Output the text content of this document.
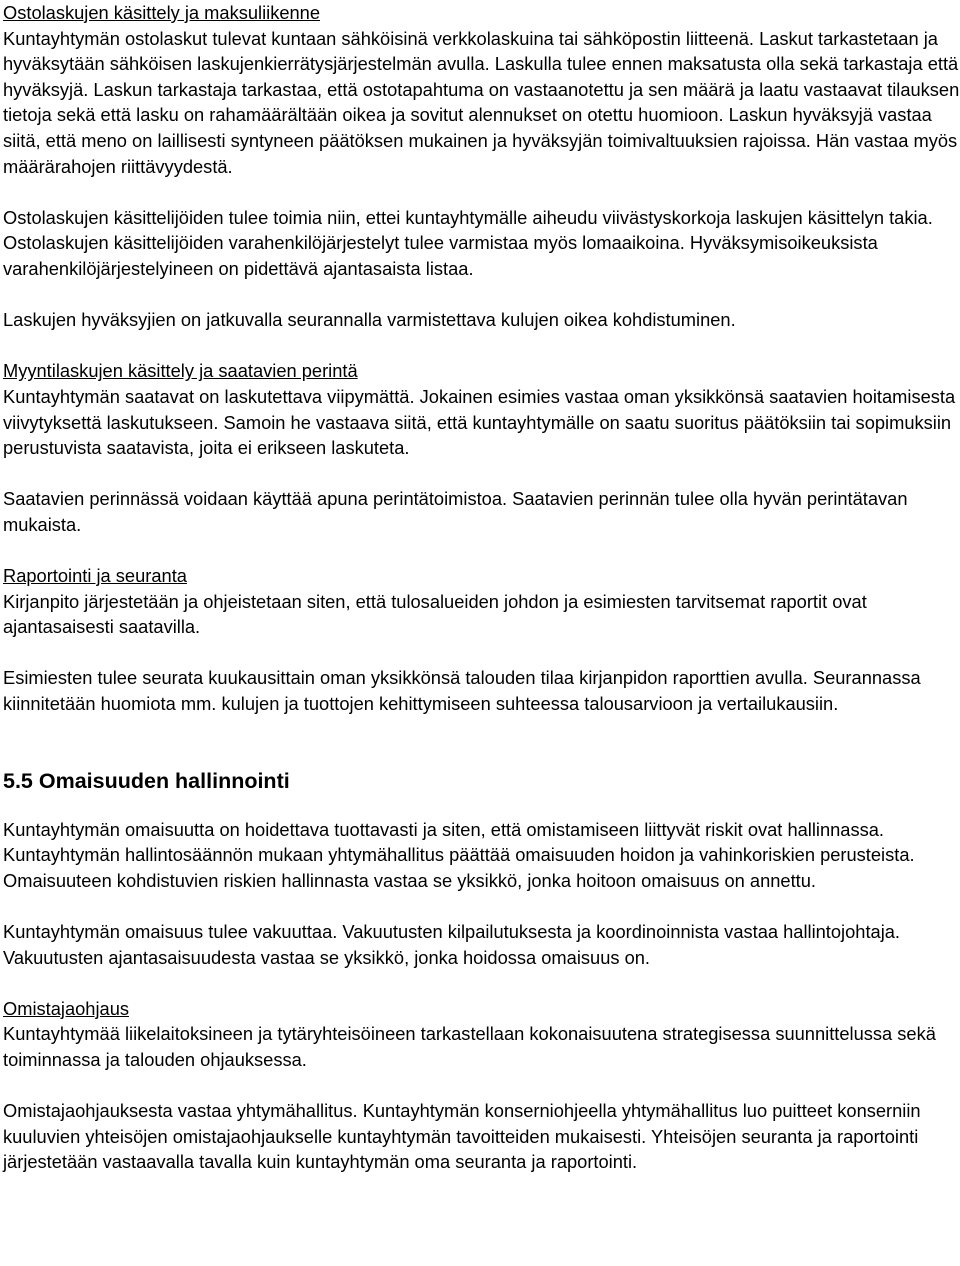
Ostolaskujen käsittely ja maksuliikenne

Kuntayhtymän ostolaskut tulevat kuntaan sähköisinä verkkolaskuina tai sähköpostin liitteenä. Laskut tarkastetaan ja hyväksytään sähköisen laskujenkierrätysjärjestelmän avulla. Laskulla tulee ennen maksatusta olla sekä tarkastaja että hyväksyjä. Laskun tarkastaja tarkastaa, että ostotapahtuma on vastaanotettu ja sen määrä ja laatu vastaavat tilauksen tietoja sekä että lasku on rahamäärältään oikea ja sovitut alennukset on otettu huomioon. Laskun hyväksyjä vastaa siitä, että meno on laillisesti syntyneen päätöksen mukainen ja hyväksyjän toimivaltuuksien rajoissa. Hän vastaa myös määrärahojen riittävyydestä.

Ostolaskujen käsittelijöiden tulee toimia niin, ettei kuntayhtymälle aiheudu viivästyskorkoja laskujen käsittelyn takia. Ostolaskujen käsittelijöiden varahenkilöjärjestelyt tulee varmistaa myös lomaaikoina. Hyväksymisoikeuksista varahenkilöjärjestelyineen on pidettävä ajantasaista listaa.

Laskujen hyväksyjien on jatkuvalla seurannalla varmistettava kulujen oikea kohdistuminen.

Myyntilaskujen käsittely ja saatavien perintä

Kuntayhtymän saatavat on laskutettava viipymättä. Jokainen esimies vastaa oman yksikkönsä saatavien hoitamisesta viivytyksettä laskutukseen. Samoin he vastaava siitä, että kuntayhtymälle on saatu suoritus päätöksiin tai sopimuksiin perustuvista saatavista, joita ei erikseen laskuteta.

Saatavien perinnässä voidaan käyttää apuna perintätoimistoa. Saatavien perinnän tulee olla hyvän perintätavan mukaista.

Raportointi ja seuranta

Kirjanpito järjestetään ja ohjeistetaan siten, että tulosalueiden johdon ja esimiesten tarvitsemat raportit ovat ajantasaisesti saatavilla.

Esimiesten tulee seurata kuukausittain oman yksikkönsä talouden tilaa kirjanpidon raporttien avulla. Seurannassa kiinnitetään huomiota mm. kulujen ja tuottojen kehittymiseen suhteessa talousarvioon ja vertailukausiin.

5.5 Omaisuuden hallinnointi

Kuntayhtymän omaisuutta on hoidettava tuottavasti ja siten, että omistamiseen liittyvät riskit ovat hallinnassa. Kuntayhtymän hallintosäännön mukaan yhtymähallitus päättää omaisuuden hoidon ja vahinkoriskien perusteista. Omaisuuteen kohdistuvien riskien hallinnasta vastaa se yksikkö, jonka hoitoon omaisuus on annettu.

Kuntayhtymän omaisuus tulee vakuuttaa. Vakuutusten kilpailutuksesta ja koordinoinnista vastaa hallintojohtaja. Vakuutusten ajantasaisuudesta vastaa se yksikkö, jonka hoidossa omaisuus on.

Omistajaohjaus

Kuntayhtymää liikelaitoksineen ja tytäryhteisöineen tarkastellaan kokonaisuutena strategisessa suunnittelussa sekä toiminnassa ja talouden ohjauksessa.

Omistajaohjauksesta vastaa yhtymähallitus. Kuntayhtymän konserniohjeella yhtymähallitus luo puitteet konserniin kuuluvien yhteisöjen omistajaohjaukselle kuntayhtymän tavoitteiden mukaisesti. Yhteisöjen seuranta ja raportointi järjestetään vastaavalla tavalla kuin kuntayhtymän oma seuranta ja raportointi.
